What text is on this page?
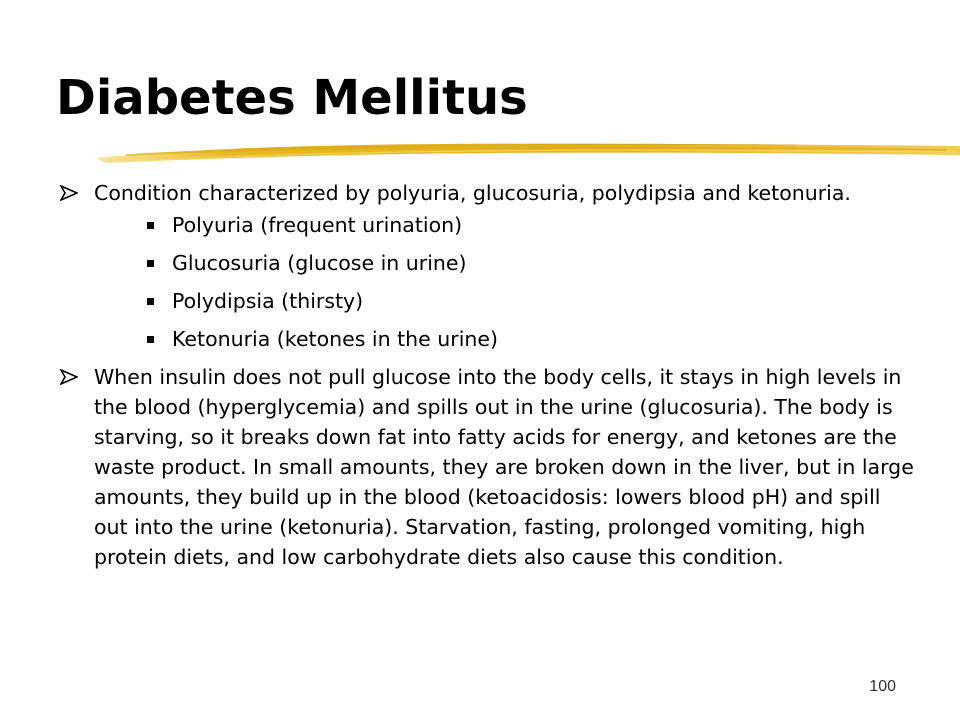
Diabetes Mellitus
Condition characterized by polyuria, glucosuria, polydipsia and ketonuria.
Polyuria (frequent urination)
Glucosuria (glucose in urine)
Polydipsia (thirsty)
Ketonuria (ketones in the urine)
When insulin does not pull glucose into the body cells, it stays in high levels in the blood (hyperglycemia) and spills out in the urine (glucosuria). The body is starving, so it breaks down fat into fatty acids for energy, and ketones are the waste product. In small amounts, they are broken down in the liver, but in large amounts, they build up in the blood (ketoacidosis: lowers blood pH) and spill out into the urine (ketonuria). Starvation, fasting, prolonged vomiting, high protein diets, and low carbohydrate diets also cause this condition.
100
